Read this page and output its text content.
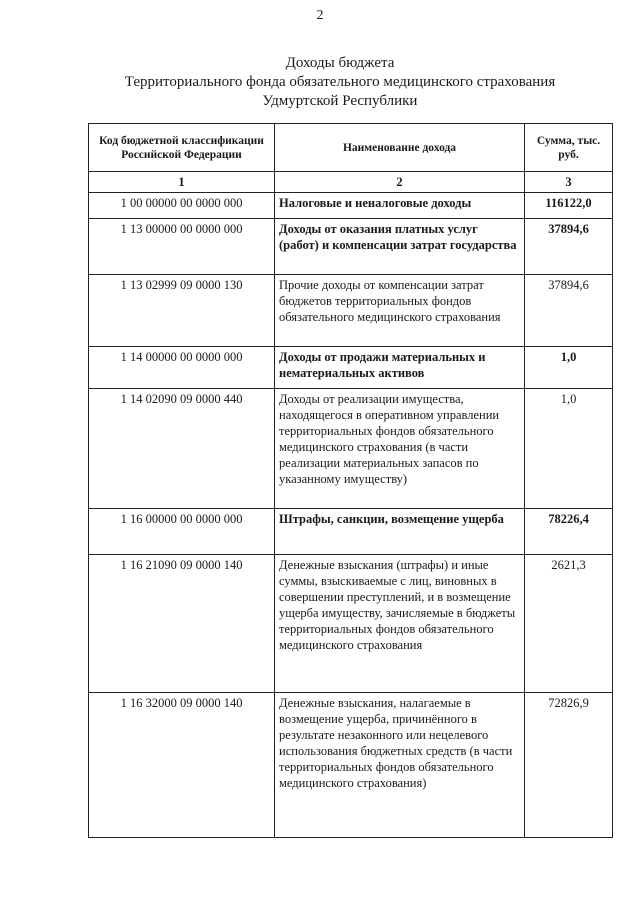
2
Доходы бюджета
Территориального фонда обязательного медицинского страхования
Удмуртской Республики
Код бюджетной классификации Российской Федерации	Наименование дохода	Сумма, тыс. руб.
1	2	3
1 00 00000 00 0000 000	Налоговые и неналоговые доходы	116122,0
1 13 00000 00 0000 000	Доходы от оказания платных услуг (работ) и компенсации затрат государства	37894,6
1 13 02999 09 0000 130	Прочие доходы от компенсации затрат бюджетов территориальных фондов обязательного медицинского страхования	37894,6
1 14 00000 00 0000 000	Доходы от продажи материальных и нематериальных активов	1,0
1 14 02090 09 0000 440	Доходы от реализации имущества, находящегося в оперативном управлении территориальных фондов обязательного медицинского страхования (в части реализации материальных запасов по указанному имуществу)	1,0
1 16 00000 00 0000 000	Штрафы, санкции, возмещение ущерба	78226,4
1 16 21090 09 0000 140	Денежные взыскания (штрафы) и иные суммы, взыскиваемые с лиц, виновных в совершении преступлений, и в возмещение ущерба имуществу, зачисляемые в бюджеты территориальных фондов обязательного медицинского страхования	2621,3
1 16 32000 09 0000 140	Денежные взыскания, налагаемые в возмещение ущерба, причинённого в результате незаконного или нецелевого использования бюджетных средств (в части территориальных фондов обязательного медицинского страхования)	72826,9
